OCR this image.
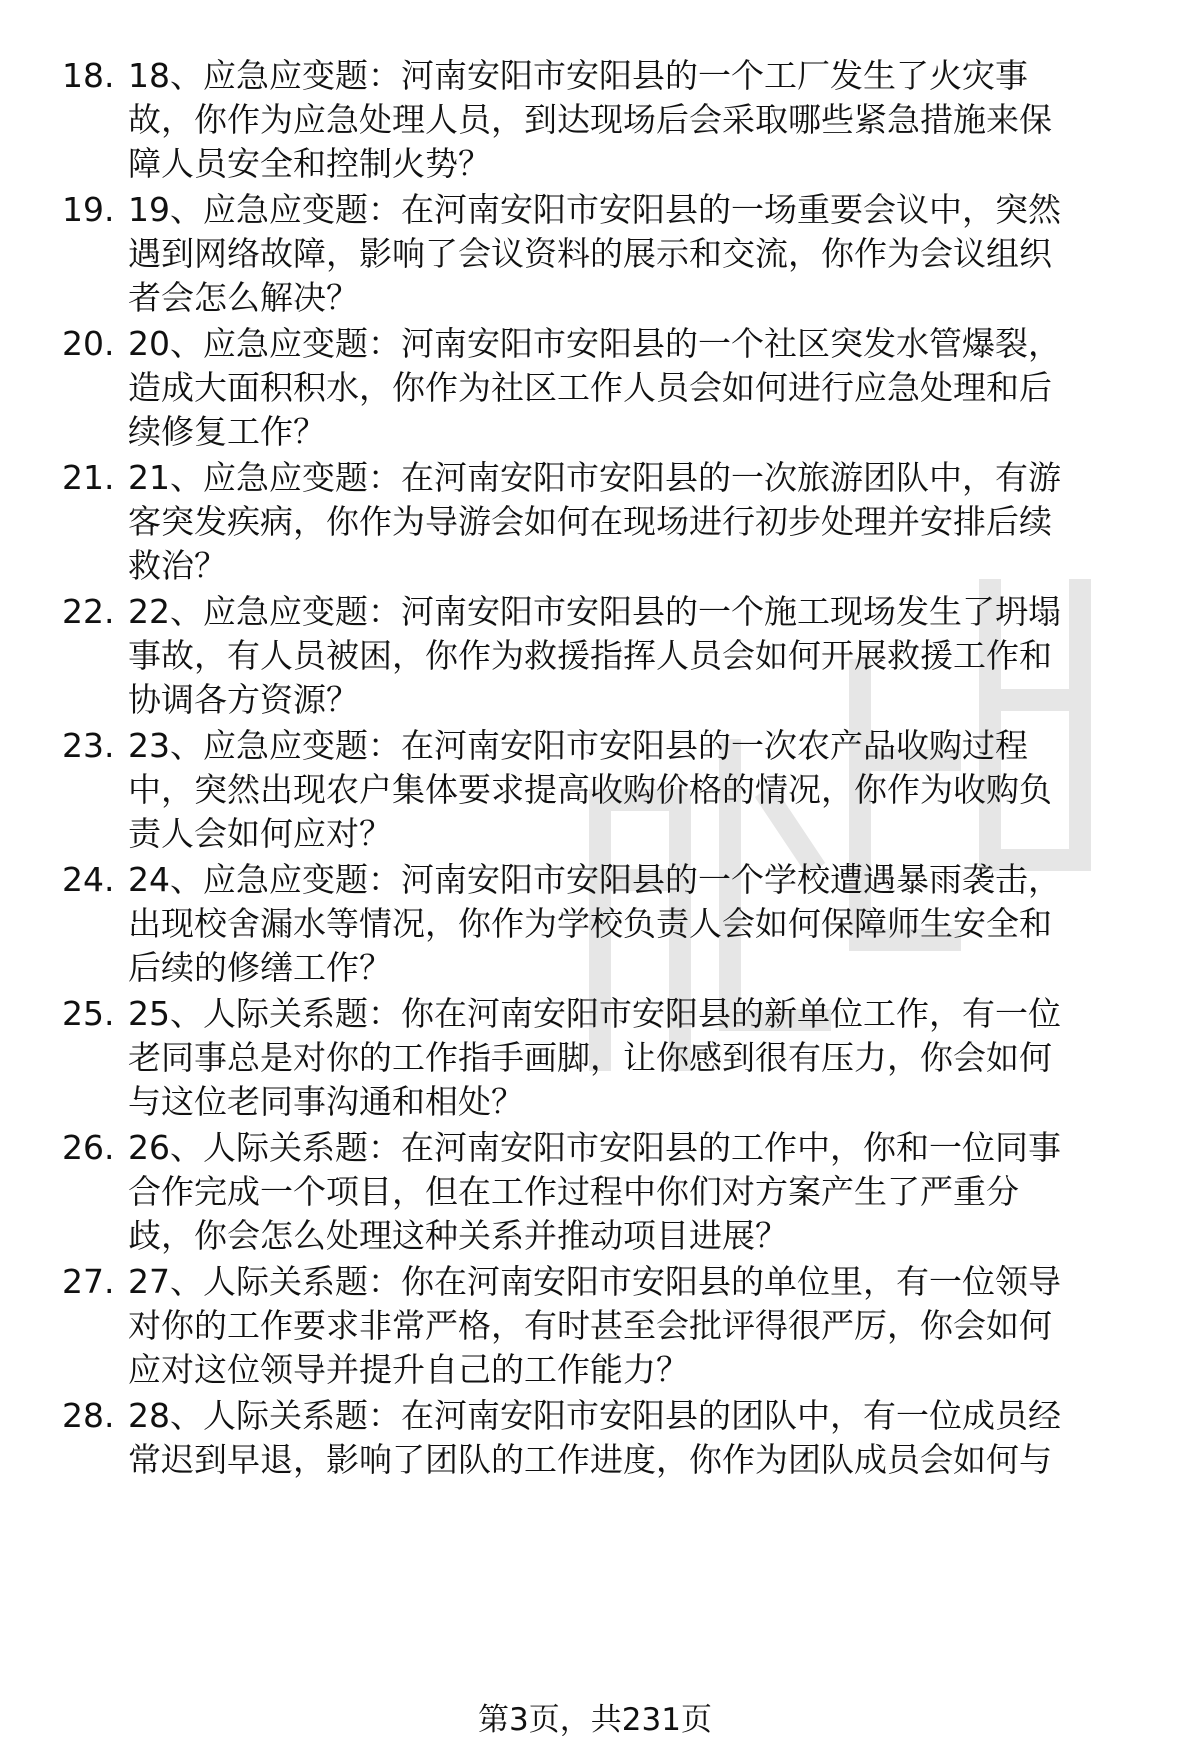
18. 18、应急应变题：河南安阳市安阳县的一个工厂发生了火灾事
故，你作为应急处理人员，到达现场后会采取哪些紧急措施来保
障人员安全和控制火势？
19. 19、应急应变题：在河南安阳市安阳县的一场重要会议中，突然
遇到网络故障，影响了会议资料的展示和交流，你作为会议组织
者会怎么解决？
20. 20、应急应变题：河南安阳市安阳县的一个社区突发水管爆裂，
造成大面积积水，你作为社区工作人员会如何进行应急处理和后
续修复工作？
21. 21、应急应变题：在河南安阳市安阳县的一次旅游团队中，有游
客突发疾病，你作为导游会如何在现场进行初步处理并安排后续
救治？
22. 22、应急应变题：河南安阳市安阳县的一个施工现场发生了坍塌
事故，有人员被困，你作为救援指挥人员会如何开展救援工作和
协调各方资源？
23. 23、应急应变题：在河南安阳市安阳县的一次农产品收购过程
中，突然出现农户集体要求提高收购价格的情况，你作为收购负
责人会如何应对？
24. 24、应急应变题：河南安阳市安阳县的一个学校遭遇暴雨袭击，
出现校舍漏水等情况，你作为学校负责人会如何保障师生安全和
后续的修缮工作？
25. 25、人际关系题：你在河南安阳市安阳县的新单位工作，有一位
老同事总是对你的工作指手画脚，让你感到很有压力，你会如何
与这位老同事沟通和相处？
26. 26、人际关系题：在河南安阳市安阳县的工作中，你和一位同事
合作完成一个项目，但在工作过程中你们对方案产生了严重分
歧，你会怎么处理这种关系并推动项目进展？
27. 27、人际关系题：你在河南安阳市安阳县的单位里，有一位领导
对你的工作要求非常严格，有时甚至会批评得很严厉，你会如何
应对这位领导并提升自己的工作能力？
28. 28、人际关系题：在河南安阳市安阳县的团队中，有一位成员经
常迟到早退，影响了团队的工作进度，你作为团队成员会如何与
第3页，共231页
